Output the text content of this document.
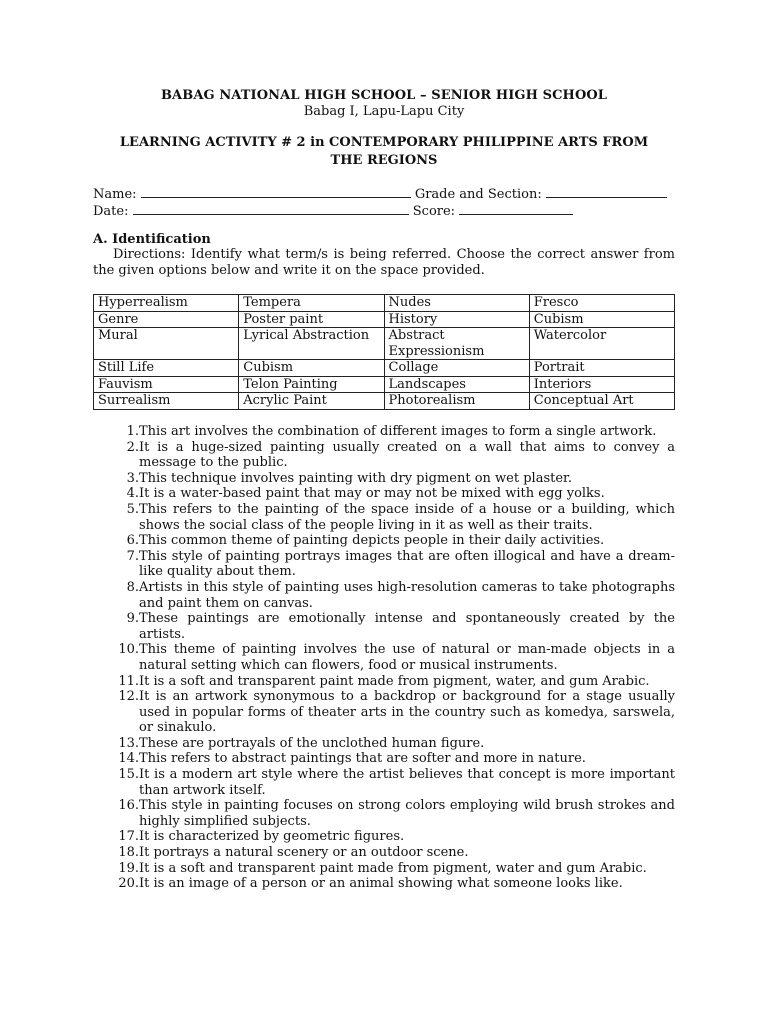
BABAG NATIONAL HIGH SCHOOL – SENIOR HIGH SCHOOL
Babag I, Lapu-Lapu City
LEARNING ACTIVITY # 2 in CONTEMPORARY PHILIPPINE ARTS FROM
THE REGIONS
Name:	Grade and Section:
Date:	Score:
A. Identification
Directions: Identify what term/s is being referred. Choose the correct answer from the given options below and write it on the space provided.
Hyperrealism	Tempera	Nudes	Fresco
Genre	Poster paint	History	Cubism
Mural	Lyrical Abstraction	Abstract Expressionism	Watercolor
Still Life	Cubism	Collage	Portrait
Fauvism	Telon Painting	Landscapes	Interiors
Surrealism	Acrylic Paint	Photorealism	Conceptual Art
1. This art involves the combination of different images to form a single artwork.
2. It is a huge-sized painting usually created on a wall that aims to convey a message to the public.
3. This technique involves painting with dry pigment on wet plaster.
4. It is a water-based paint that may or may not be mixed with egg yolks.
5. This refers to the painting of the space inside of a house or a building, which shows the social class of the people living in it as well as their traits.
6. This common theme of painting depicts people in their daily activities.
7. This style of painting portrays images that are often illogical and have a dream-like quality about them.
8. Artists in this style of painting uses high-resolution cameras to take photographs and paint them on canvas.
9. These paintings are emotionally intense and spontaneously created by the artists.
10. This theme of painting involves the use of natural or man-made objects in a natural setting which can flowers, food or musical instruments.
11. It is a soft and transparent paint made from pigment, water, and gum Arabic.
12. It is an artwork synonymous to a backdrop or background for a stage usually used in popular forms of theater arts in the country such as komedya, sarswela, or sinakulo.
13. These are portrayals of the unclothed human figure.
14. This refers to abstract paintings that are softer and more in nature.
15. It is a modern art style where the artist believes that concept is more important than artwork itself.
16. This style in painting focuses on strong colors employing wild brush strokes and highly simplified subjects.
17. It is characterized by geometric figures.
18. It portrays a natural scenery or an outdoor scene.
19. It is a soft and transparent paint made from pigment, water and gum Arabic.
20. It is an image of a person or an animal showing what someone looks like.
